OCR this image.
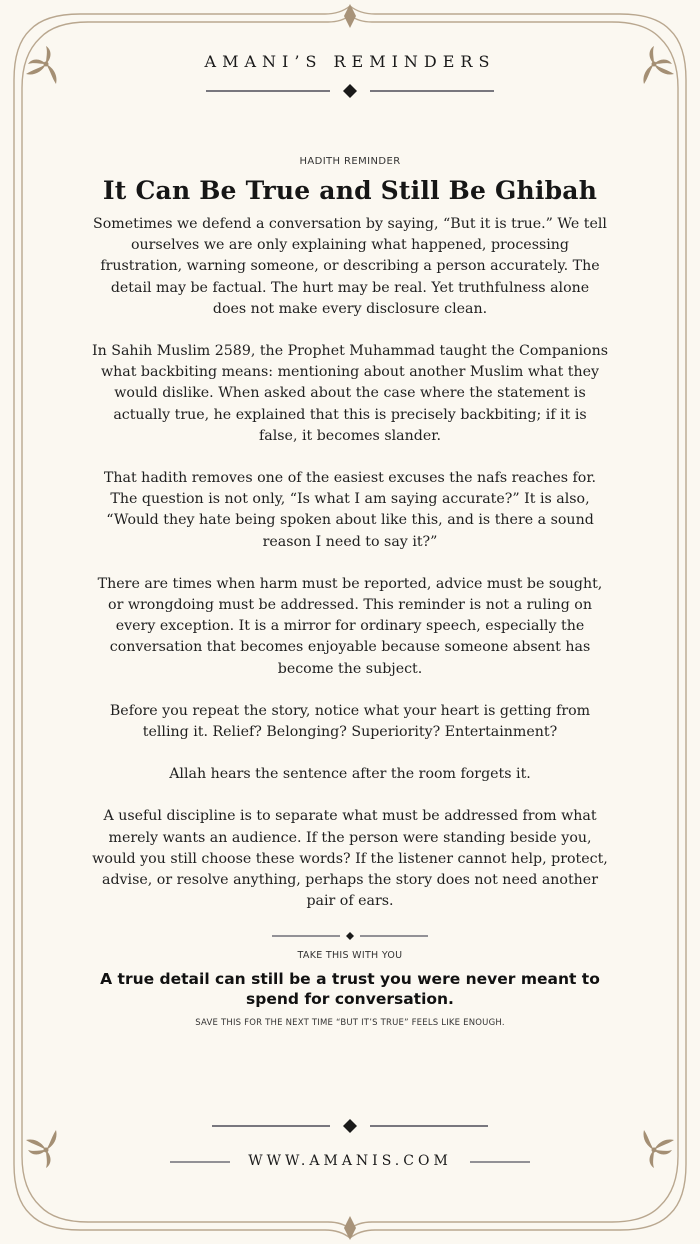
AMANI’S REMINDERS
HADITH REMINDER
It Can Be True and Still Be Ghibah

Sometimes we defend a conversation by saying, “But it is true.” We tell ourselves we are only explaining what happened, processing frustration, warning someone, or describing a person accurately. The detail may be factual. The hurt may be real. Yet truthfulness alone does not make every disclosure clean.

In Sahih Muslim 2589, the Prophet Muhammad taught the Companions what backbiting means: mentioning about another Muslim what they would dislike. When asked about the case where the statement is actually true, he explained that this is precisely backbiting; if it is false, it becomes slander.

That hadith removes one of the easiest excuses the nafs reaches for. The question is not only, “Is what I am saying accurate?” It is also, “Would they hate being spoken about like this, and is there a sound reason I need to say it?”

There are times when harm must be reported, advice must be sought, or wrongdoing must be addressed. This reminder is not a ruling on every exception. It is a mirror for ordinary speech, especially the conversation that becomes enjoyable because someone absent has become the subject.

Before you repeat the story, notice what your heart is getting from telling it. Relief? Belonging? Superiority? Entertainment?

Allah hears the sentence after the room forgets it.

A useful discipline is to separate what must be addressed from what merely wants an audience. If the person were standing beside you, would you still choose these words? If the listener cannot help, protect, advise, or resolve anything, perhaps the story does not need another pair of ears.

TAKE THIS WITH YOU
A true detail can still be a trust you were never meant to spend for conversation.
SAVE THIS FOR THE NEXT TIME “BUT IT’S TRUE” FEELS LIKE ENOUGH.
WWW.AMANIS.COM
